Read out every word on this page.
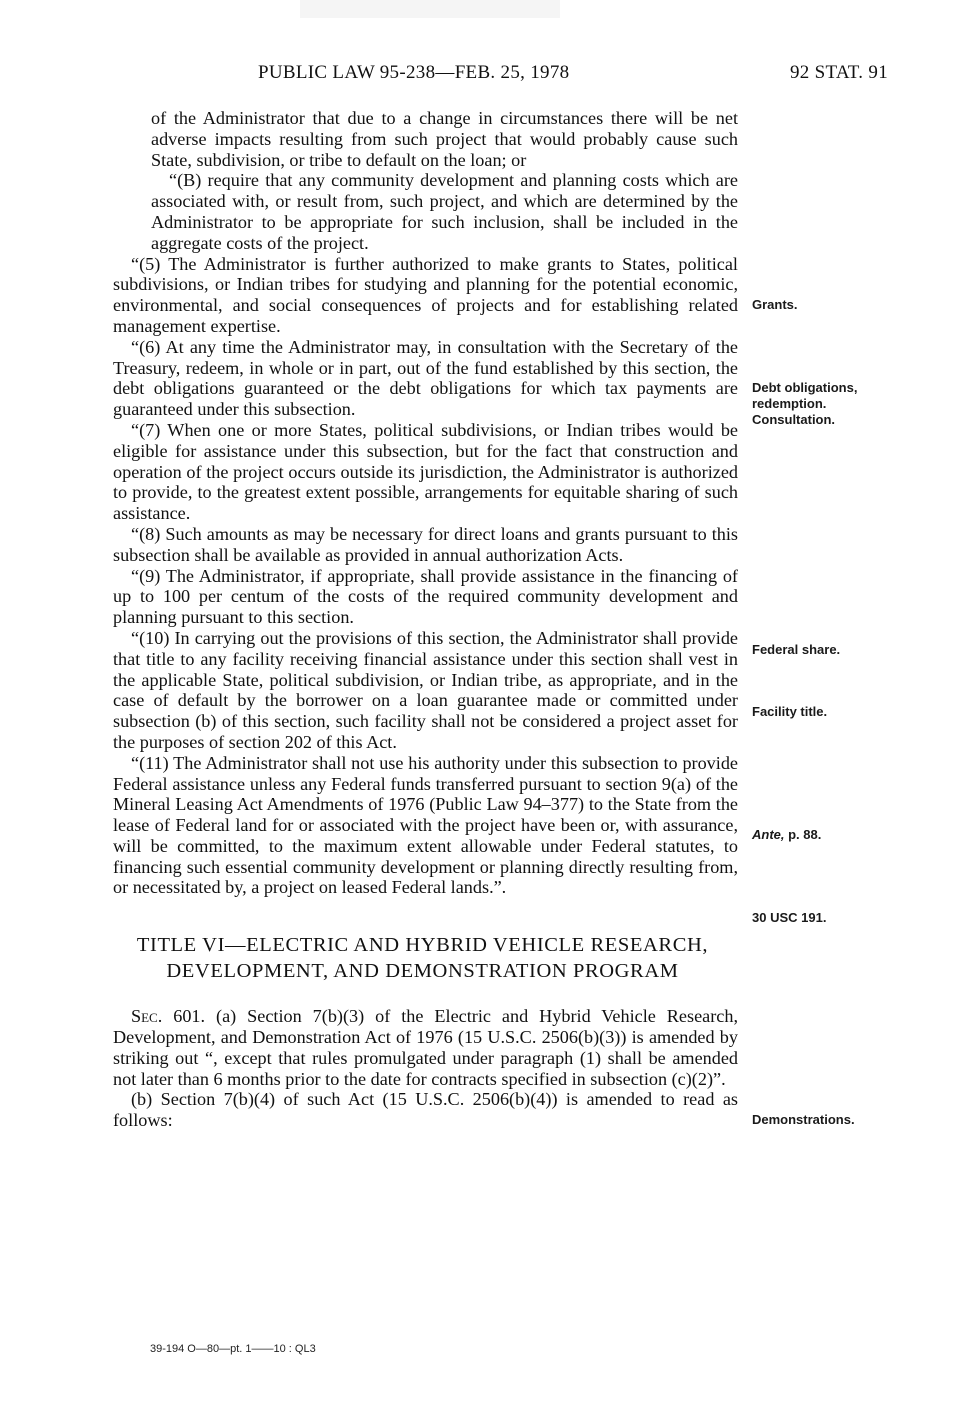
PUBLIC LAW 95-238—FEB. 25, 1978	92 STAT. 91

of the Administrator that due to a change in circumstances there will be net adverse impacts resulting from such project that would probably cause such State, subdivision, or tribe to default on the loan; or

“(B) require that any community development and planning costs which are associated with, or result from, such project, and which are determined by the Administrator to be appropriate for such inclusion, shall be included in the aggregate costs of the project.

“(5) The Administrator is further authorized to make grants to States, political subdivisions, or Indian tribes for studying and planning for the potential economic, environmental, and social consequences of projects and for establishing related management expertise.

“(6) At any time the Administrator may, in consultation with the Secretary of the Treasury, redeem, in whole or in part, out of the fund established by this section, the debt obligations guaranteed or the debt obligations for which tax payments are guaranteed under this subsection.

“(7) When one or more States, political subdivisions, or Indian tribes would be eligible for assistance under this subsection, but for the fact that construction and operation of the project occurs outside its jurisdiction, the Administrator is authorized to provide, to the greatest extent possible, arrangements for equitable sharing of such assistance.

“(8) Such amounts as may be necessary for direct loans and grants pursuant to this subsection shall be available as provided in annual authorization Acts.

“(9) The Administrator, if appropriate, shall provide assistance in the financing of up to 100 per centum of the costs of the required community development and planning pursuant to this section.

“(10) In carrying out the provisions of this section, the Administrator shall provide that title to any facility receiving financial assistance under this section shall vest in the applicable State, political subdivision, or Indian tribe, as appropriate, and in the case of default by the borrower on a loan guarantee made or committed under subsection (b) of this section, such facility shall not be considered a project asset for the purposes of section 202 of this Act.

“(11) The Administrator shall not use his authority under this subsection to provide Federal assistance unless any Federal funds transferred pursuant to section 9(a) of the Mineral Leasing Act Amendments of 1976 (Public Law 94–377) to the State from the lease of Federal land for or associated with the project have been or, with assurance, will be committed, to the maximum extent allowable under Federal statutes, to financing such essential community development or planning directly resulting from, or necessitated by, a project on leased Federal lands.”.

TITLE VI—ELECTRIC AND HYBRID VEHICLE RESEARCH,
DEVELOPMENT, AND DEMONSTRATION PROGRAM

Sec. 601. (a) Section 7(b)(3) of the Electric and Hybrid Vehicle Research, Development, and Demonstration Act of 1976 (15 U.S.C. 2506(b)(3)) is amended by striking out “, except that rules promulgated under paragraph (1) shall be amended not later than 6 months prior to the date for contracts specified in subsection (c)(2)”.

(b) Section 7(b)(4) of such Act (15 U.S.C. 2506(b)(4)) is amended to read as follows:

Grants.
Debt obligations,
redemption.
Consultation.
Federal share.
Facility title.
Ante, p. 88.
30 USC 191.
Demonstrations.
39-194 O—80—pt. 1——10 : QL3
